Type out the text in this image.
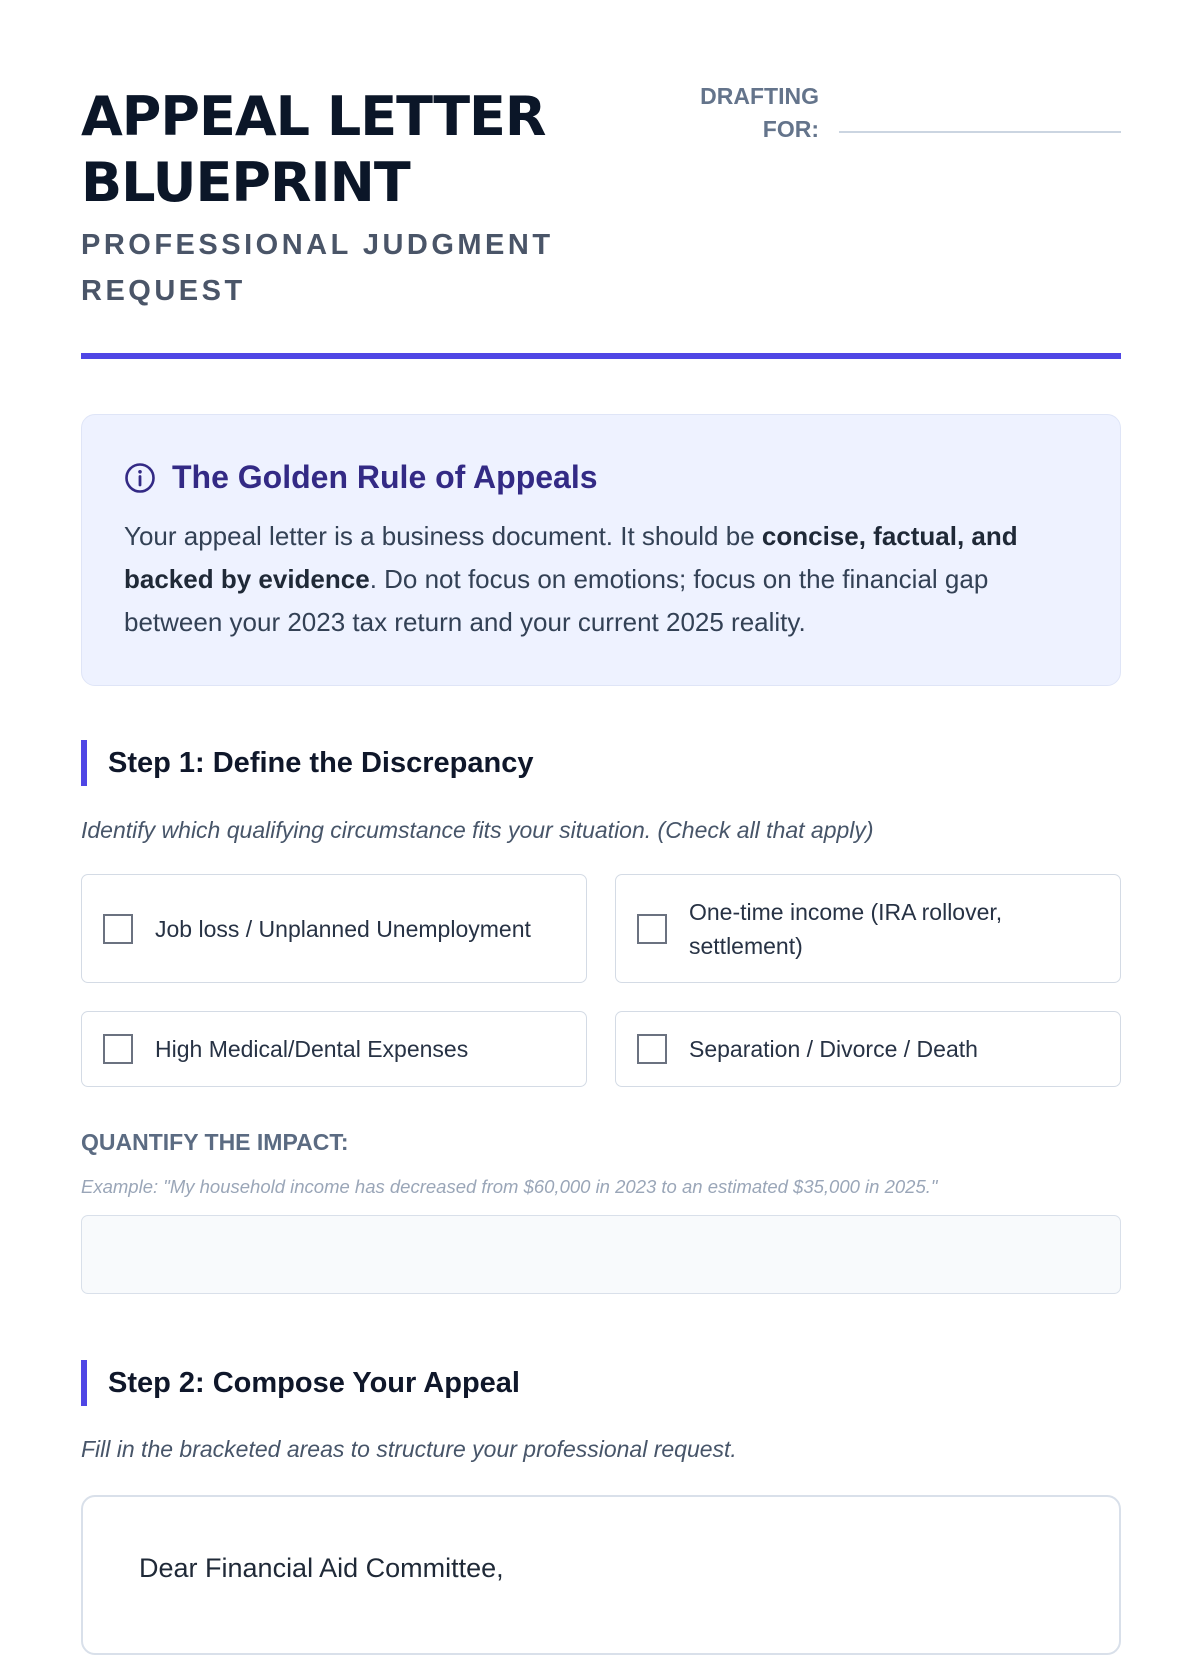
APPEAL LETTER BLUEPRINT

PROFESSIONAL JUDGMENT REQUEST

DRAFTING FOR:
The Golden Rule of Appeals

Your appeal letter is a business document. It should be concise, factual, and backed by evidence. Do not focus on emotions; focus on the financial gap between your 2023 tax return and your current 2025 reality.

Step 1: Define the Discrepancy

Identify which qualifying circumstance fits your situation. (Check all that apply)

Job loss / Unplanned Unemployment
One-time income (IRA rollover, settlement)
High Medical/Dental Expenses	Separation / Divorce / Death
QUANTIFY THE IMPACT:
Example: "My household income has decreased from $60,000 in 2023 to an estimated $35,000 in 2025."
Step 2: Compose Your Appeal

Fill in the bracketed areas to structure your professional request.

Dear Financial Aid Committee,
